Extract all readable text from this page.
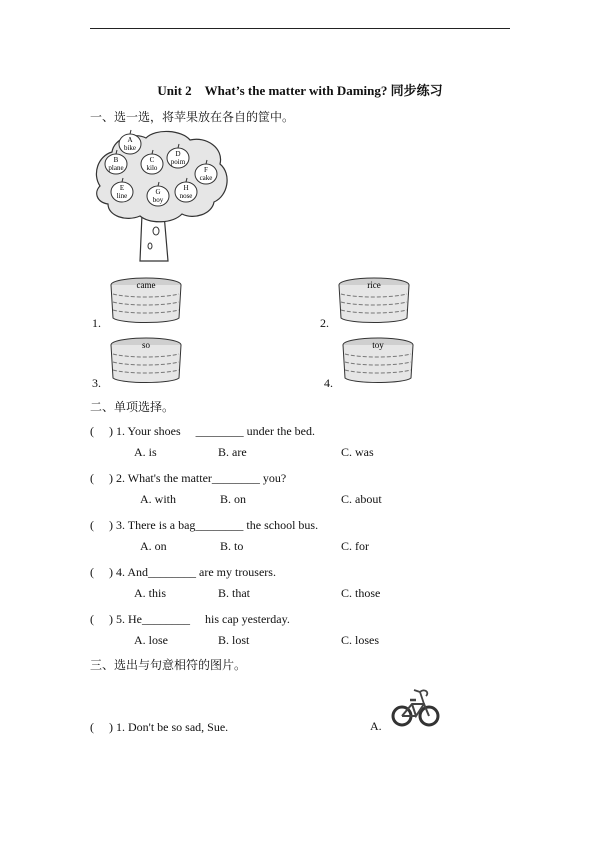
Unit 2　What’s the matter with Daming? 同步练习
一、选一选，将苹果放在各自的筐中。
A
bike
B
plane
C
kilo
D
poim
F
cake
E
line	G
boy
H
nose
1.
came
2.
rice
3.
so
4.
toy
二、单项选择。
(　 ) 1. Your shoes 　________ under the bed.
A. is	B. are	C. was
(　 ) 2. What's the matter________ you?
A. with	B. on	C. about
(　 ) 3. There is a bag________ the school bus.
A. on	B. to	C. for
(　 ) 4. And________ are my trousers.
A. this	B. that	C. those
(　 ) 5. He________ 　his cap yesterday.
A. lose	B. lost	C. loses
三、选出与句意相符的图片。
(　 ) 1. Don't be so sad, Sue.	A.
